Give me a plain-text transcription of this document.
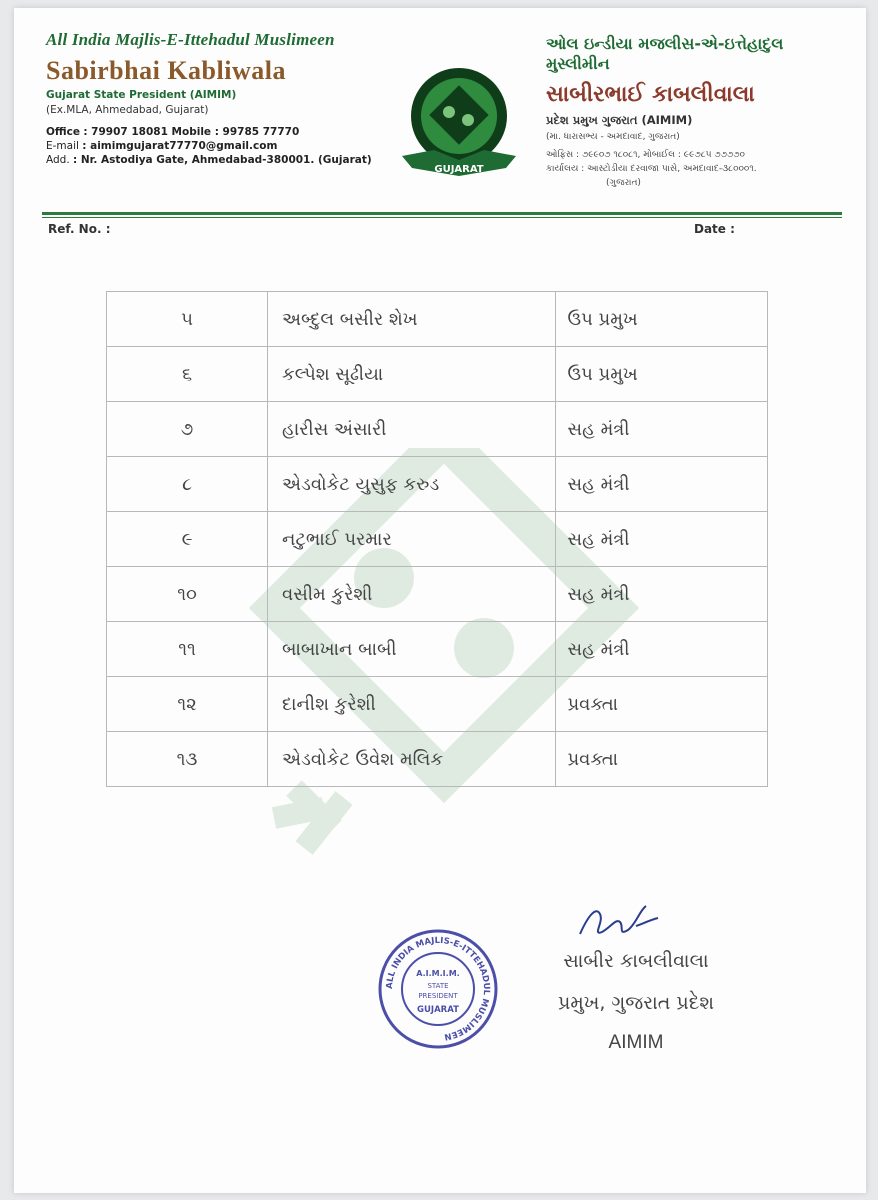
All India Majlis-E-Ittehadul Muslimeen
Sabirbhai Kabliwala
Gujarat State President (AIMIM)
(Ex.MLA, Ahmedabad, Gujarat)
Office : 79907 18081 Mobile : 99785 77770
E-mail : aimimgujarat77770@gmail.com
Add. : Nr. Astodiya Gate, Ahmedabad-380001. (Gujarat)
GUJARAT
ઓલ ઇન્ડીયા મજલીસ-એ-ઇત્તેહાદુલ મુસ્લીમીન
સાબીરભાઈ કાબલીવાલા
પ્રદેશ પ્રમુખ ગુજરાત (AIMIM)
(મા. ધારાસભ્ય - અમદાવાદ, ગુજરાત)
ઓફિસ : ૭૯૯૦૭ ૧૮૦૮૧, મોબાઈલ : ૯૯૭૮૫ ૭૭૭૭૦
કાર્યાલય : આસ્ટોડીયા દરવાજા પાસે, અમદાવાદ-૩૮૦૦૦૧.
(ગુજરાત)
Ref. No. :	Date :
૫	અબ્દુલ બસીર શેખ	ઉપ પ્રમુખ
૬	કલ્પેશ સૂઢીયા	ઉપ પ્રમુખ
૭	હારીસ અંસારી	સહ મંત્રી
૮	એડવોકેટ યુસુફ કરુડ	સહ મંત્રી
૯	નટુભાઈ પરમાર	સહ મંત્રી
૧૦	વસીમ કુરેશી	સહ મંત્રી
૧૧	બાબાખાન બાબી	સહ મંત્રી
૧૨	દાનીશ કુરેશી	પ્રવક્તા
૧૩	એડવોકેટ ઉવેશ મલિક	પ્રવક્તા
ALL INDIA MAJLIS-E-ITTEHADUL MUSLIMEEN
A.I.M.I.M.
STATE
PRESIDENT
GUJARAT
સાબીર કાબલીવાલા
પ્રમુખ, ગુજરાત પ્રદેશ
AIMIM
